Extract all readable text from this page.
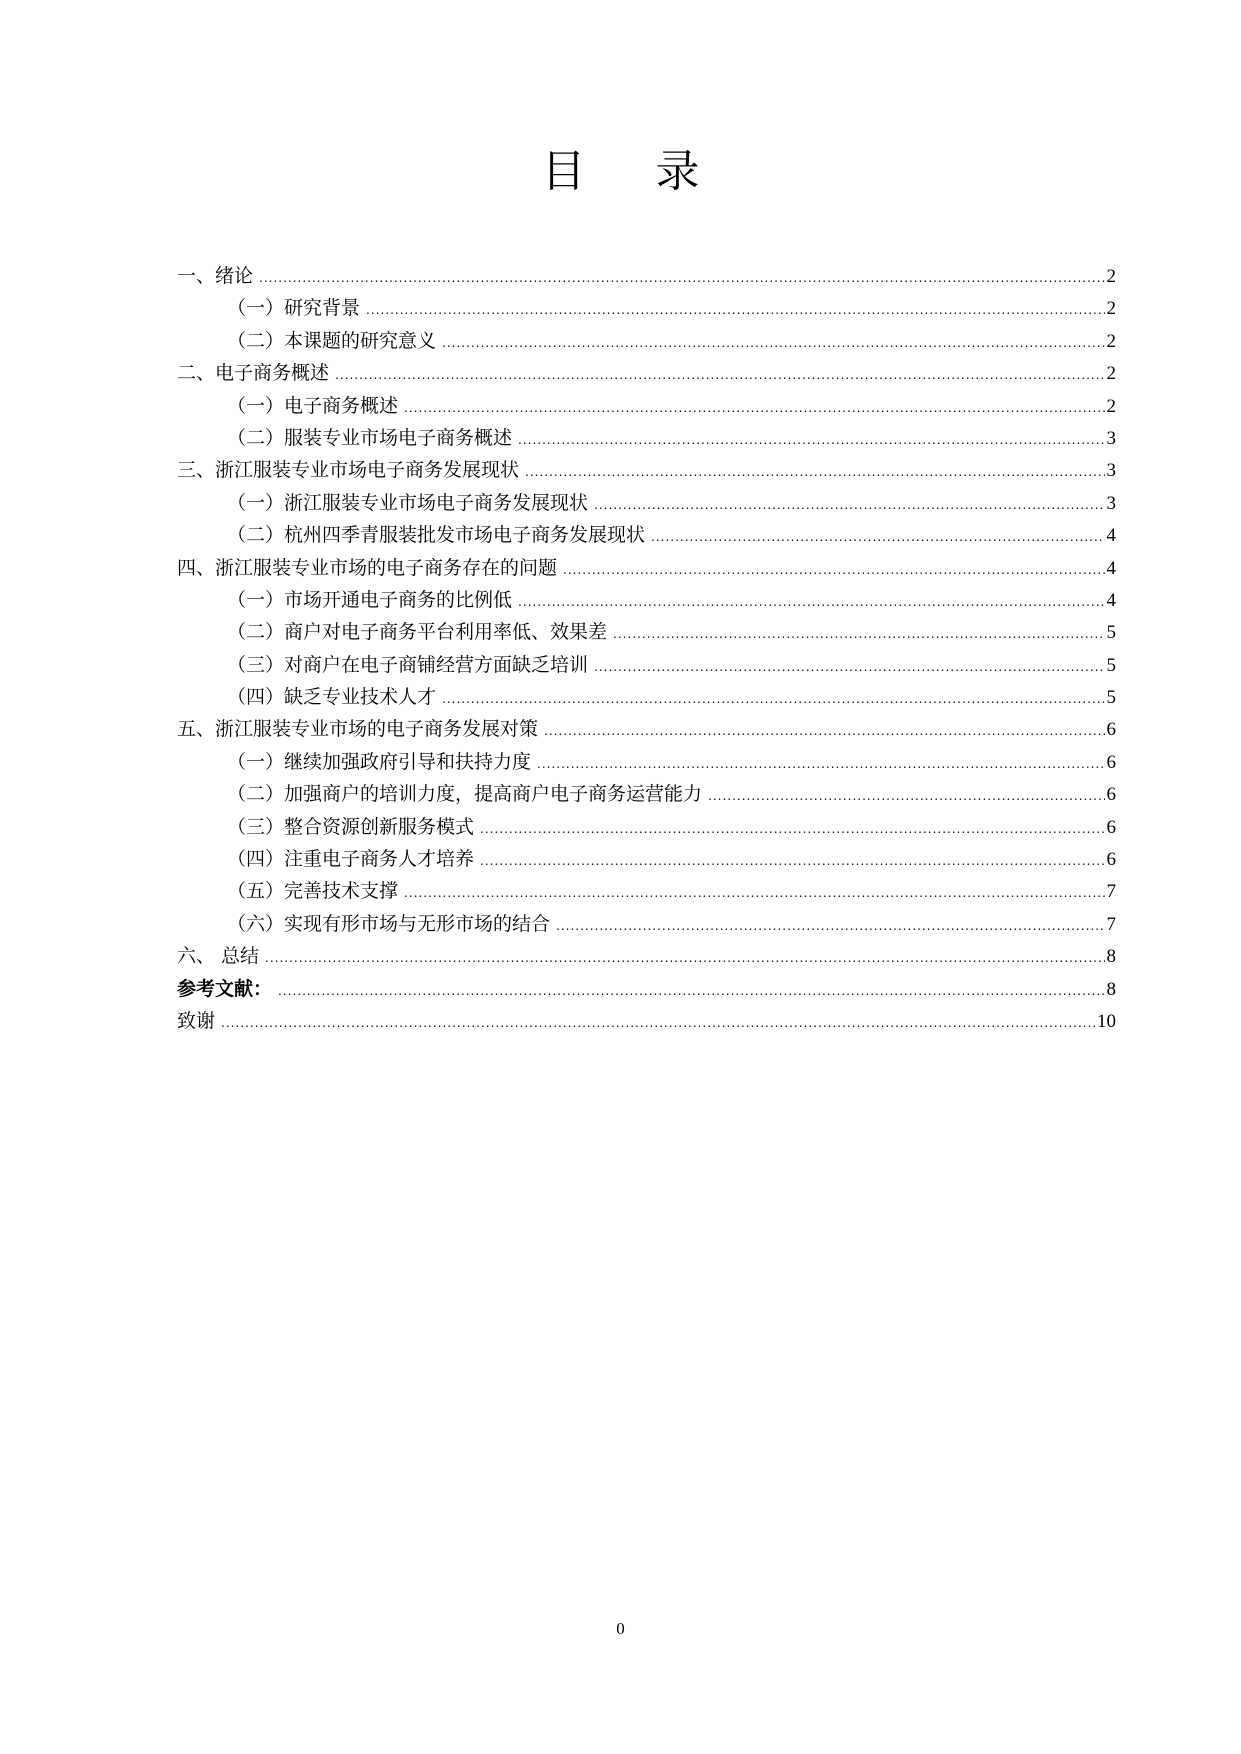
目 录
一、绪论 .....	2
（一）研究背景 .....	2
（二）本课题的研究意义 .....	2
二、电子商务概述 .....	2
（一）电子商务概述 .....	2
（二）服装专业市场电子商务概述 .....	3
三、浙江服装专业市场电子商务发展现状 .....	3
（一）浙江服装专业市场电子商务发展现状 .....	3
（二）杭州四季青服装批发市场电子商务发展现状 .....	4
四、浙江服装专业市场的电子商务存在的问题 .....	4
（一）市场开通电子商务的比例低 .....	4
（二）商户对电子商务平台利用率低、效果差 .....	5
（三）对商户在电子商铺经营方面缺乏培训 .....	5
（四）缺乏专业技术人才 .....	5
五、浙江服装专业市场的电子商务发展对策 .....	6
（一）继续加强政府引导和扶持力度 .....	6
（二）加强商户的培训力度，提高商户电子商务运营能力 .....	6
（三）整合资源创新服务模式 .....	6
（四）注重电子商务人才培养 .....	6
（五）完善技术支撑 .....	7
（六）实现有形市场与无形市场的结合 .....	7
六、 总结 .....	8
参考文献： .....	8
致谢 .....	10
0
